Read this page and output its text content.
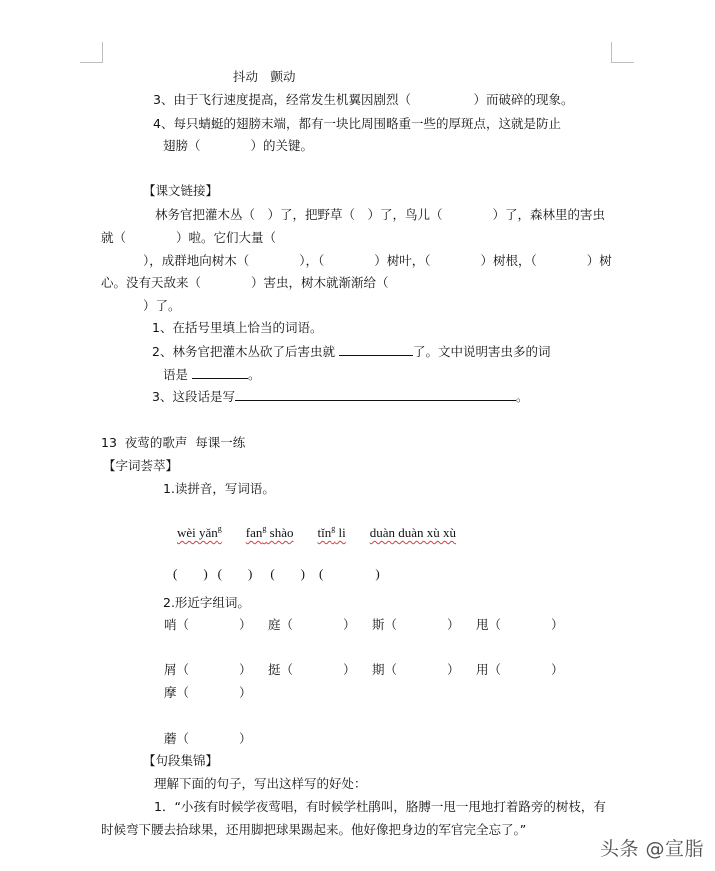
抖动　颤动
3、由于飞行速度提高，经常发生机翼因剧烈（　　　　　）而破碎的现象。
4、每只蜻蜓的翅膀末端，都有一块比周围略重一些的厚斑点，这就是防止
翅膀（　　　　）的关键。
【课文链接】
林务官把灌木丛（　）了，把野草（　）了，鸟儿（　　　　）了，森林里的害虫
就（　　　　）啦。它们大量（
），成群地向树木（　　　　），（　　　　）树叶，（　　　　）树根，（　　　　）树
心。没有天敌来（　　　　）害虫，树木就渐渐给（
）了。
1、在括号里填上恰当的词语。
2、林务官把灌木丛砍了后害虫就	了。文中说明害虫多的词
语是	。
3、这段话是写	。
13  夜莺的歌声  每课一练
【字词荟萃】
1.读拼音，写词语。

wèi yǎn$^g$ fan$^g$ shào tǐn$^g$ li duàn duàn xù xù

(　　) (　　) (　　) (　　　　)

2.形近字组词。
哨（　　　　） 庭（　　　　） 斯（　　　　） 甩（　　　　）
屑（　　　　） 挺（　　　　） 期（　　　　） 用（　　　　）
摩（　　　　）
蘑（　　　　）
【句段集锦】
理解下面的句子，写出这样写的好处：
1．“小孩有时候学夜莺唱，有时候学杜鹃叫，胳膊一甩一甩地打着路旁的树枝，有
时候弯下腰去拾球果，还用脚把球果踢起来。他好像把身边的军官完全忘了。”
头条 @宣脂
